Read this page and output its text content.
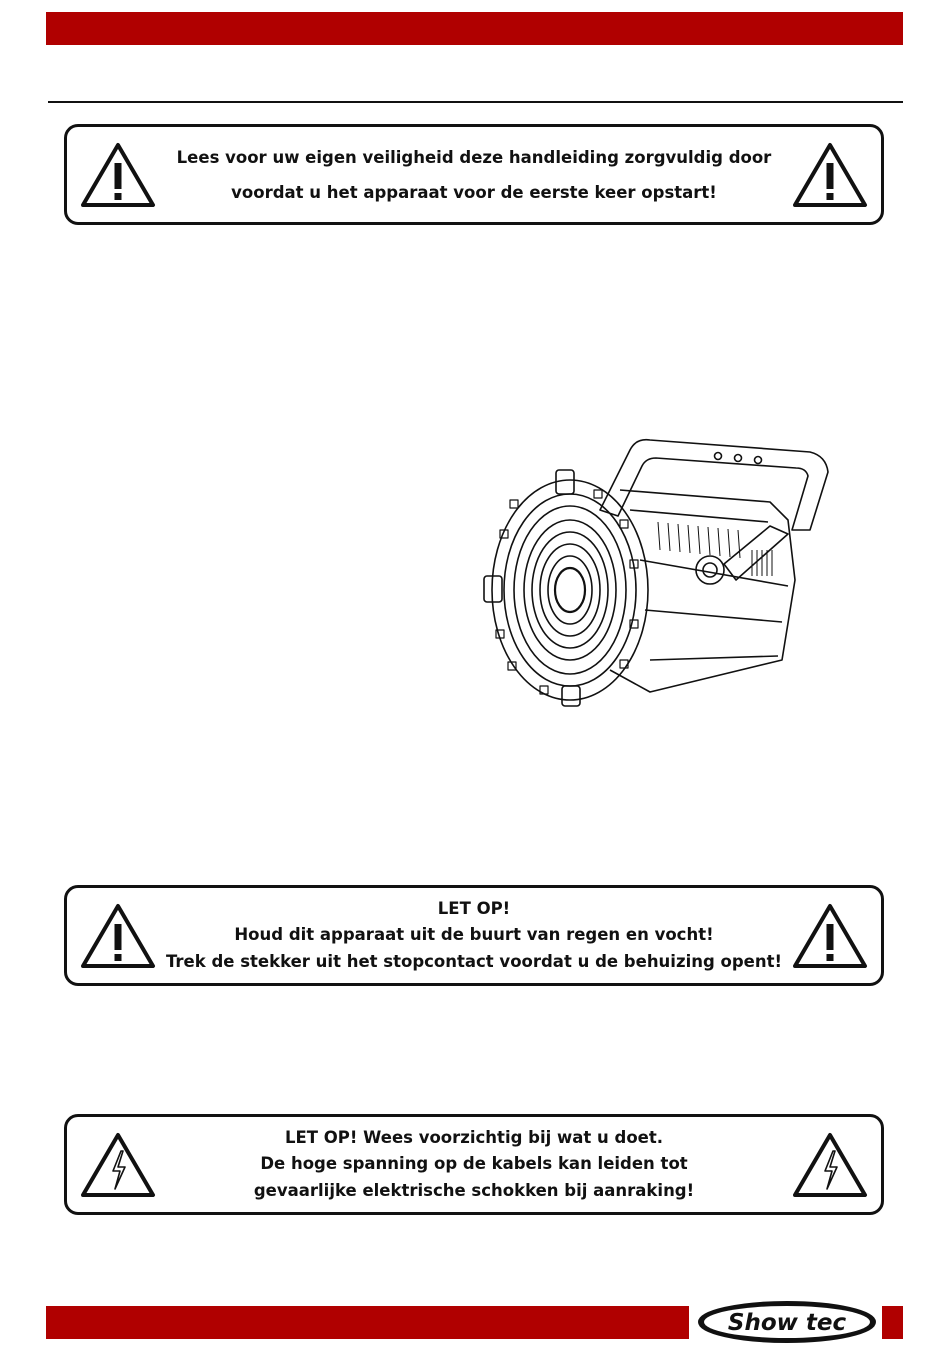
Lees voor uw eigen veiligheid deze handleiding zorgvuldig door
voordat u het apparaat voor de eerste keer opstart!
LET OP!
Houd dit apparaat uit de buurt van regen en vocht!
Trek de stekker uit het stopcontact voordat u de behuizing opent!
LET OP! Wees voorzichtig bij wat u doet.
De hoge spanning op de kabels kan leiden tot
gevaarlijke elektrische schokken bij aanraking!
Show tec
